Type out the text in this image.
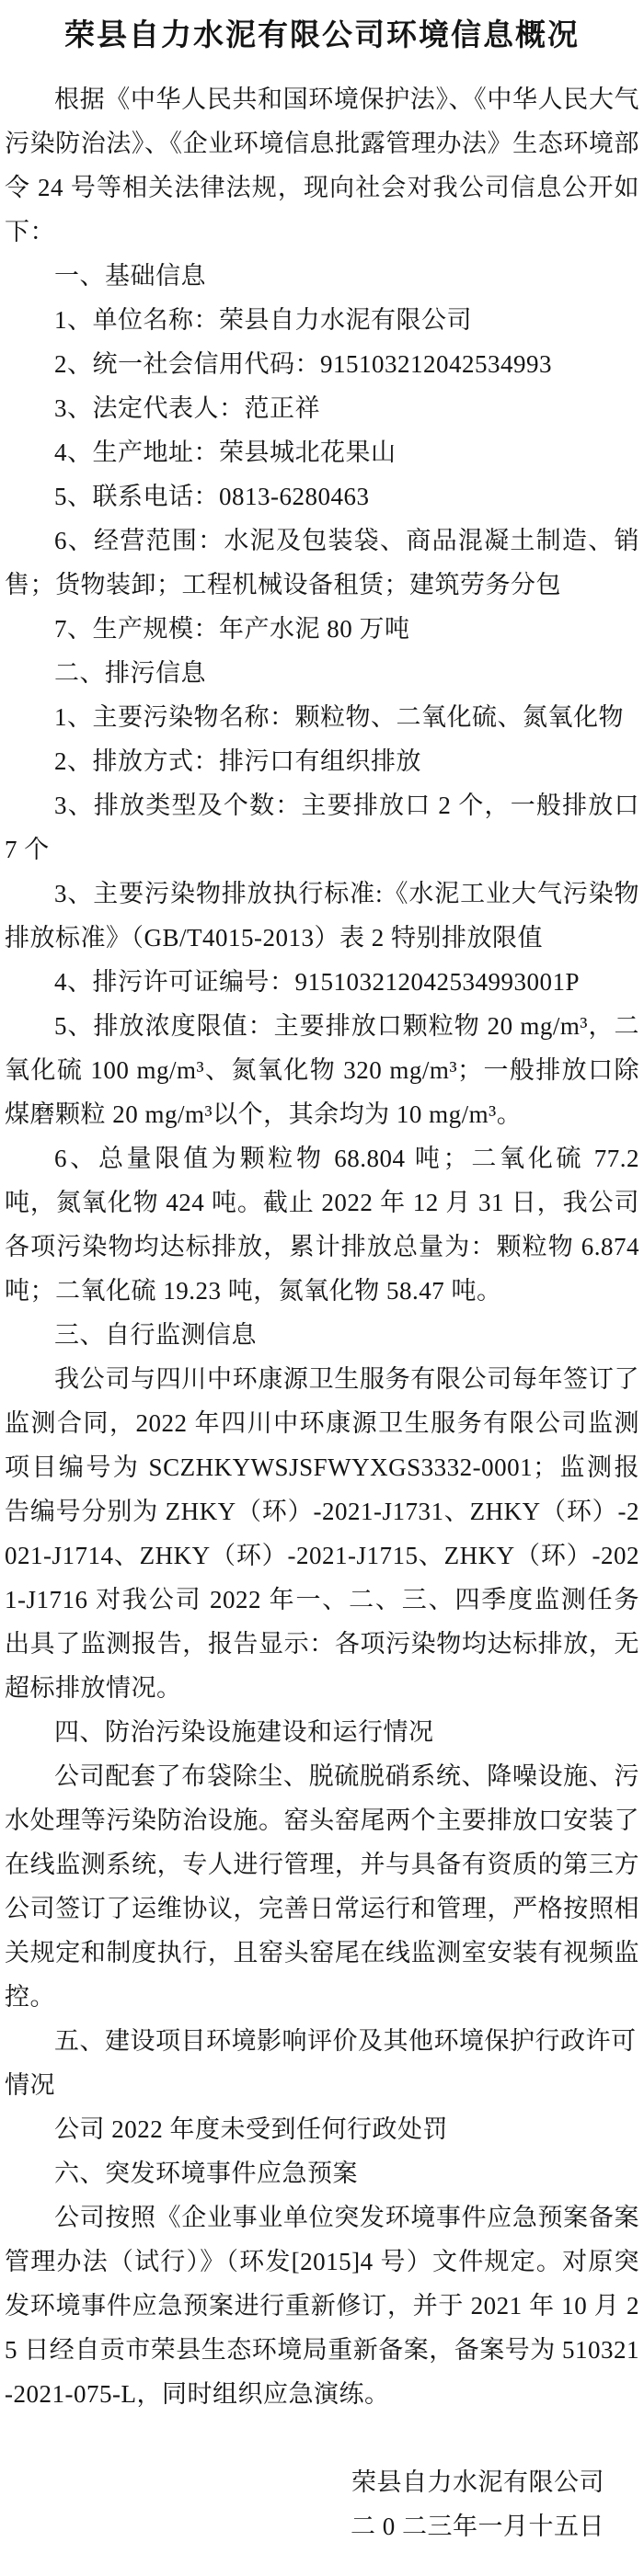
荣县自力水泥有限公司环境信息概况

根据《中华人民共和国环境保护法》、《中华人民大气污染防治法》、《企业环境信息批露管理办法》生态环境部令 24 号等相关法律法规，现向社会对我公司信息公开如下：

一、基础信息

1、单位名称：荣县自力水泥有限公司

2、统一社会信用代码：915103212042534993

3、法定代表人：范正祥

4、生产地址：荣县城北花果山

5、联系电话：0813-6280463

6、经营范围：水泥及包装袋、商品混凝土制造、销售；货物装卸；工程机械设备租赁；建筑劳务分包

7、生产规模：年产水泥 80 万吨

二、排污信息

1、主要污染物名称：颗粒物、二氧化硫、氮氧化物

2、排放方式：排污口有组织排放

3、排放类型及个数：主要排放口 2 个，一般排放口 7 个

3、主要污染物排放执行标准:《水泥工业大气污染物排放标准》（GB/T4015-2013）表 2 特别排放限值

4、排污许可证编号：915103212042534993001P

5、排放浓度限值：主要排放口颗粒物 20 mg/m³，二氧化硫 100 mg/m³、氮氧化物 320 mg/m³；一般排放口除煤磨颗粒 20 mg/m³以个，其余均为 10 mg/m³。

6、总量限值为颗粒物 68.804 吨；二氧化硫 77.2 吨，氮氧化物 424 吨。截止 2022 年 12 月 31 日，我公司各项污染物均达标排放，累计排放总量为：颗粒物 6.874 吨；二氧化硫 19.23 吨，氮氧化物 58.47 吨。

三、自行监测信息

我公司与四川中环康源卫生服务有限公司每年签订了监测合同，2022 年四川中环康源卫生服务有限公司监测项目编号为 SCZHKYWSJSFWYXGS3332-0001；监测报告编号分别为 ZHKY（环）-2021-J1731、ZHKY（环）-2021-J1714、ZHKY（环）-2021-J1715、ZHKY（环）-2021-J1716 对我公司 2022 年一、二、三、四季度监测任务出具了监测报告，报告显示：各项污染物均达标排放，无超标排放情况。

四、防治污染设施建设和运行情况

公司配套了布袋除尘、脱硫脱硝系统、降噪设施、污水处理等污染防治设施。窑头窑尾两个主要排放口安装了在线监测系统，专人进行管理，并与具备有资质的第三方公司签订了运维协议，完善日常运行和管理，严格按照相关规定和制度执行，且窑头窑尾在线监测室安装有视频监控。

五、建设项目环境影响评价及其他环境保护行政许可情况

公司 2022 年度未受到任何行政处罚

六、突发环境事件应急预案

公司按照《企业事业单位突发环境事件应急预案备案管理办法（试行）》（环发[2015]4 号）文件规定。对原突发环境事件应急预案进行重新修订，并于 2021 年 10 月 25 日经自贡市荣县生态环境局重新备案，备案号为 510321-2021-075-L，同时组织应急演练。

荣县自力水泥有限公司

二 0 二三年一月十五日
